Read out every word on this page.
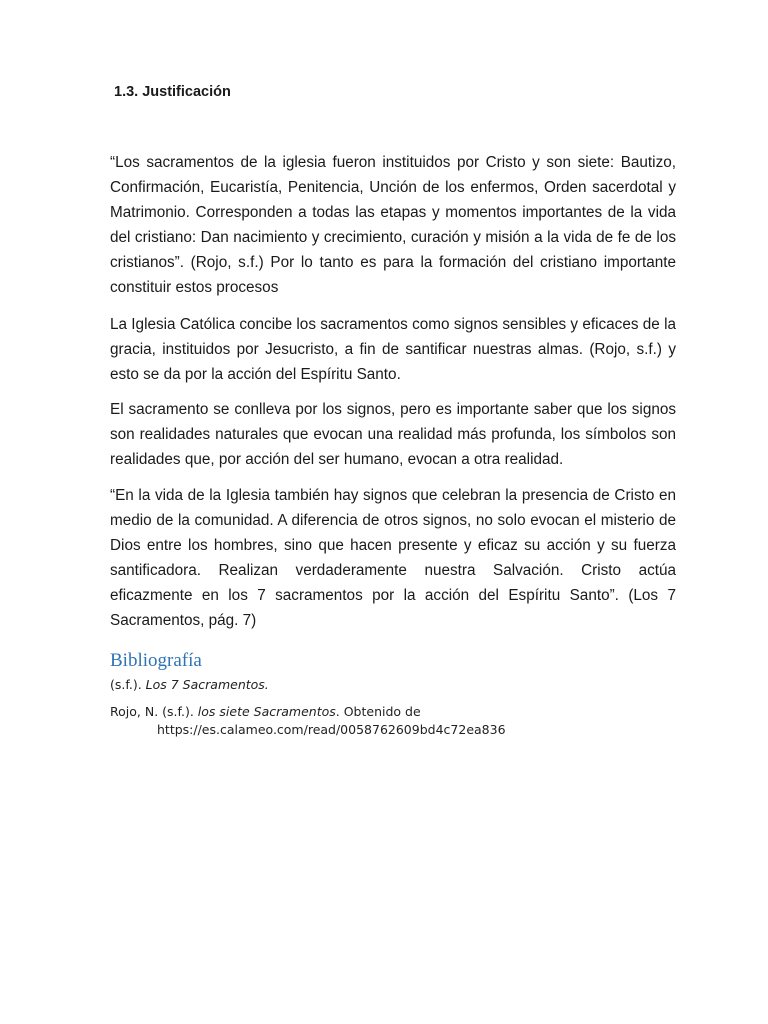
1.3. Justificación

“Los sacramentos de la iglesia fueron instituidos por Cristo y son siete: Bautizo, Confirmación, Eucaristía, Penitencia, Unción de los enfermos, Orden sacerdotal y Matrimonio. Corresponden a todas las etapas y momentos importantes de la vida del cristiano: Dan nacimiento y crecimiento, curación y misión a la vida de fe de los cristianos”. (Rojo, s.f.) Por lo tanto es para la formación del cristiano importante constituir estos procesos

La Iglesia Católica concibe los sacramentos como signos sensibles y eficaces de la gracia, instituidos por Jesucristo, a fin de santificar nuestras almas. (Rojo, s.f.) y esto se da por la acción del Espíritu Santo.

El sacramento se conlleva por los signos, pero es importante saber que los signos son realidades naturales que evocan una realidad más profunda, los símbolos son realidades que, por acción del ser humano, evocan a otra realidad.

“En la vida de la Iglesia también hay signos que celebran la presencia de Cristo en medio de la comunidad. A diferencia de otros signos, no solo evocan el misterio de Dios entre los hombres, sino que hacen presente y eficaz su acción y su fuerza santificadora. Realizan verdaderamente nuestra Salvación. Cristo actúa eficazmente en los 7 sacramentos por la acción del Espíritu Santo”. (Los 7 Sacramentos, pág. 7)

Bibliografía
(s.f.). Los 7 Sacramentos.
Rojo, N. (s.f.). los siete Sacramentos. Obtenido de
https://es.calameo.com/read/0058762609bd4c72ea836
